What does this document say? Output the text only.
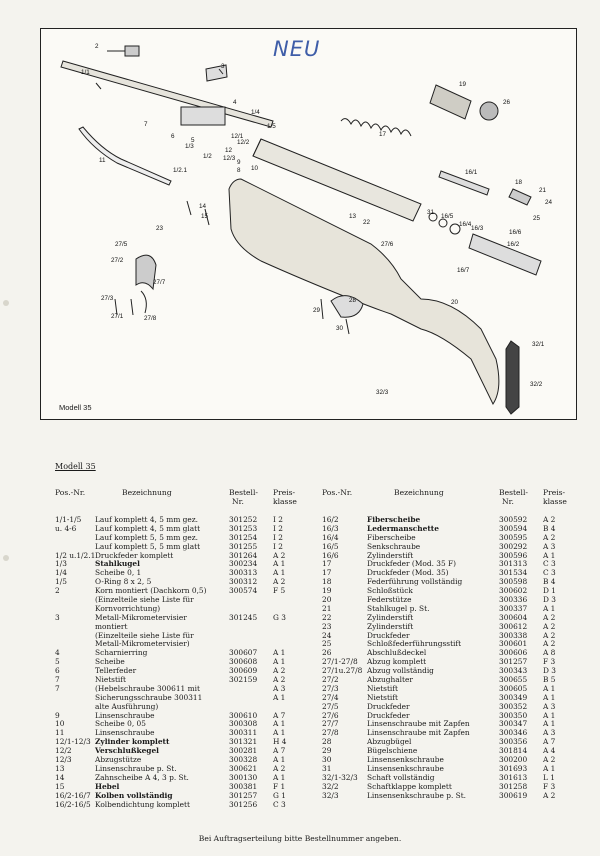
NEU
2
1/1
3
19
26
17
4
1/4
1/5
7
6
5
1/3
12/1
12/2
12
12/3
1/2
1/2.1
9
8 10
11
15
14
13
22
23
27/5
27/2
27/6
27/3
27/8
27/1
27/7
28
29
30
31
16/5
16/4
16/3
16/2
16/7
16/6
16/1
18
21
24
25
20
32/1
32/2
32/3
Modell 35
Modell 35
Pos.-Nr.	Bezeichnung	Bestell-
Nr.
Preis-
klasse
Pos.-Nr.	Bezeichnung	Bestell-
Nr.
Preis-
klasse
1/1-1/5 Lauf komplett 4, 5 mm gez.	301252 I 2
u. 4-6	Lauf komplett 4, 5 mm glatt	301253 I 2
Lauf komplett 5, 5 mm gez.	301254 I 2
Lauf komplett 5, 5 mm glatt	301255 I 2
1/2 u.1/2.1 Druckfeder komplett	301264 A 2
1/3	Stahlkugel	300234 A 1
1/4	Scheibe 0, 1	300313 A 1
1/5	O-Ring 8 x 2, 5	300312 A 2
2	Korn montiert (Dachkorn 0,5)	300574 F 5
(Einzelteile siehe Liste für
Kornvorrichtung)
3	Metall-Mikrometervisier	301245 G 3
montiert
(Einzelteile siehe Liste für
Metall-Mikrometervisier)
4	Scharnierring	300607 A 1
5	Scheibe	300608 A 1
6	Tellerfeder	300609 A 2
7	Nietstift	302159 A 2
7	(Hebelschraube 300611 mit	A 3
Sicherungsschraube 300311	A 1
alte Ausführung)
9	Linsenschraube	300610 A 7
10	Scheibe 0, 05	300308 A 1
11	Linsenschraube	300311 A 1
12/1-12/3 Zylinder komplett	301321 H 4
12/2	Verschlußkegel	300281 A 7
12/3	Abzugstütze	300328 A 1
13	Linsenschraube p. St.	300621 A 2
14	Zahnscheibe A 4, 3 p. St.	300130 A 1
15	Hebel	300381 F 1
16/2-16/7 Kolben vollständig	301257 G 1
16/2-16/5 Kolbendichtung komplett	301256 C 3
16/2	Fiberscheibe	300592 A 2
16/3	Ledermanschette	300594 B 4
16/4	Fiberscheibe	300595 A 2
16/5	Senkschraube	300292 A 3
16/6	Zylinderstift	300596 A 1
17	Druckfeder (Mod. 35 F)	301313 C 3
17	Druckfeder (Mod. 35)	301534 C 3
18	Federführung vollständig	300598 B 4
19	Schloßstück	300602 D 1
20	Federstütze	300336 D 3
21	Stahlkugel p. St.	300337 A 1
22	Zylinderstift	300604 A 2
23	Zylinderstift	300612 A 2
24	Druckfeder	300338 A 2
25	Schloßfederführungsstift	300601 A 2
26	Abschlußdeckel	300606 A 8
27/1-27/8 Abzug komplett	301257 F 3
27/1u.27/8 Abzug vollständig	300343 D 3
27/2	Abzughalter	300655 B 5
27/3	Nietstift	300605 A 1
27/4	Nietstift	300349 A 1
27/5	Druckfeder	300352 A 3
27/6	Druckfeder	300350 A 1
27/7	Linsenschraube mit Zapfen	300347 A 1
27/8	Linsenschraube mit Zapfen	300346 A 3
28	Abzugbügel	300356 A 7
29	Bügelschiene	301814 A 4
30	Linsensenkschraube	300200 A 2
31	Linsensenkschraube	301693 A 1
32/1-32/3 Schaft vollständig	301613 L 1
32/2	Schaftklappe komplett	301258 F 3
32/3	Linsensenkschraube p. St.	300619 A 2
Bei Auftragserteilung bitte Bestellnummer angeben.
